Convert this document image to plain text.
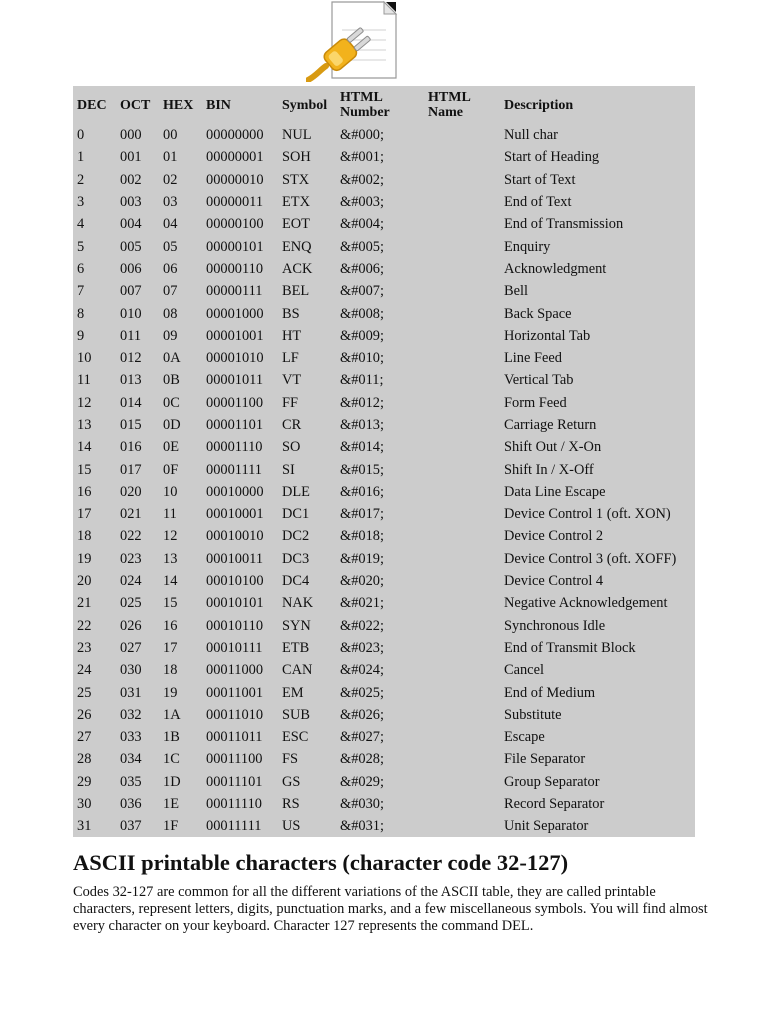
DEC	OCT	HEX	BIN	Symbol	HTML Number	HTML Name	Description
0	000	00	00000000	NUL	&#000;		Null char
1	001	01	00000001	SOH	&#001;		Start of Heading
2	002	02	00000010	STX	&#002;		Start of Text
3	003	03	00000011	ETX	&#003;		End of Text
4	004	04	00000100	EOT	&#004;		End of Transmission
5	005	05	00000101	ENQ	&#005;		Enquiry
6	006	06	00000110	ACK	&#006;		Acknowledgment
7	007	07	00000111	BEL	&#007;		Bell
8	010	08	00001000	BS	&#008;		Back Space
9	011	09	00001001	HT	&#009;		Horizontal Tab
10	012	0A	00001010	LF	&#010;		Line Feed
11	013	0B	00001011	VT	&#011;		Vertical Tab
12	014	0C	00001100	FF	&#012;		Form Feed
13	015	0D	00001101	CR	&#013;		Carriage Return
14	016	0E	00001110	SO	&#014;		Shift Out / X-On
15	017	0F	00001111	SI	&#015;		Shift In / X-Off
16	020	10	00010000	DLE	&#016;		Data Line Escape
17	021	11	00010001	DC1	&#017;		Device Control 1 (oft. XON)
18	022	12	00010010	DC2	&#018;		Device Control 2
19	023	13	00010011	DC3	&#019;		Device Control 3 (oft. XOFF)
20	024	14	00010100	DC4	&#020;		Device Control 4
21	025	15	00010101	NAK	&#021;		Negative Acknowledgement
22	026	16	00010110	SYN	&#022;		Synchronous Idle
23	027	17	00010111	ETB	&#023;		End of Transmit Block
24	030	18	00011000	CAN	&#024;		Cancel
25	031	19	00011001	EM	&#025;		End of Medium
26	032	1A	00011010	SUB	&#026;		Substitute
27	033	1B	00011011	ESC	&#027;		Escape
28	034	1C	00011100	FS	&#028;		File Separator
29	035	1D	00011101	GS	&#029;		Group Separator
30	036	1E	00011110	RS	&#030;		Record Separator
31	037	1F	00011111	US	&#031;		Unit Separator
ASCII printable characters (character code 32-127)

Codes 32-127 are common for all the different variations of the ASCII table, they are called printable characters, represent letters, digits, punctuation marks, and a few miscellaneous symbols. You will find almost every character on your keyboard. Character 127 represents the command DEL.
